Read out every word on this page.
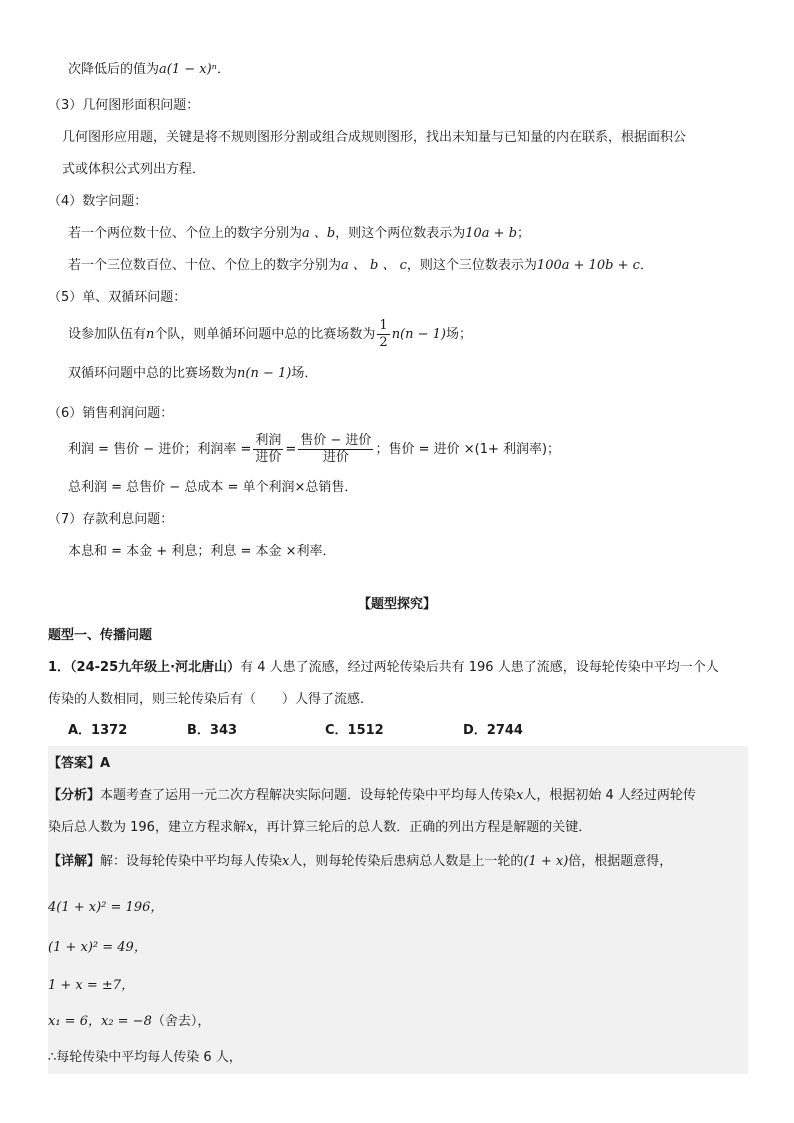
次降低后的值为a(1 − x)ⁿ．
（3）几何图形面积问题：
几何图形应用题，关键是将不规则图形分割或组合成规则图形，找出未知量与已知量的内在联系，根据面积公
式或体积公式列出方程．
（4）数字问题：
若一个两位数十位、个位上的数字分别为a 、b，则这个两位数表示为10a + b；
若一个三位数百位、十位、个位上的数字分别为a 、 b 、 c，则这个三位数表示为100a + 10b + c．
（5）单、双循环问题：
设参加队伍有n个队，则单循环问题中总的比赛场数为 $\frac{1}{2} n(n - 1)$场；
双循环问题中总的比赛场数为n(n − 1)场．
（6）销售利润问题：
利润 = 售价 − 进价；利润率 = $\frac{\text{利润}}{\text{进价}} = \frac{\text{售价 − 进价}}{\text{进价}}$ ；售价 = 进价 ×(1+ 利润率)；
总利润 = 总售价 − 总成本 = 单个利润×总销售．
（7）存款利息问题：
本息和 = 本金 + 利息；利息 = 本金 ×利率．
【题型探究】
题型一、传播问题
1．（24-25九年级上·河北唐山）有 4 人患了流感，经过两轮传染后共有 196 人患了流感，设每轮传染中平均一个人
传染的人数相同，则三轮传染后有（　　）人得了流感.
A．1372	B．343	C．1512	D．2744
【答案】A
【分析】本题考查了运用一元二次方程解决实际问题．设每轮传染中平均每人传染x人，根据初始 4 人经过两轮传
染后总人数为 196，建立方程求解x，再计算三轮后的总人数．正确的列出方程是解题的关键．
【详解】解：设每轮传染中平均每人传染x人，则每轮传染后患病总人数是上一轮的(1 + x)倍，根据题意得，
4(1 + x)² = 196，
(1 + x)² = 49，
1 + x = ±7，
x₁ = 6，x₂ = −8（舍去），
∴每轮传染中平均每人传染 6 人，
